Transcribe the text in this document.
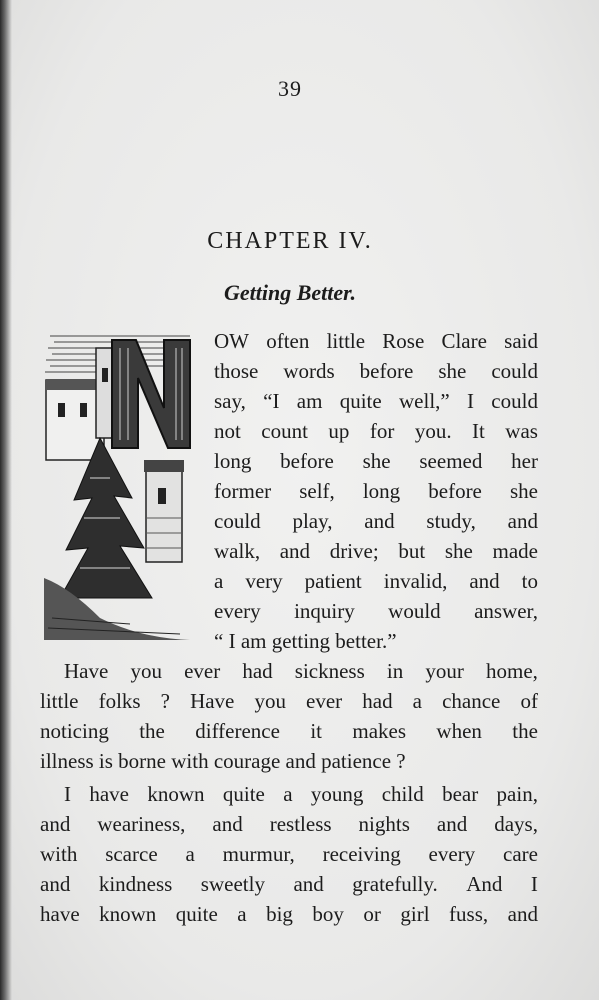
39
CHAPTER IV.
Getting Better.
OW often little Rose Clare said
those words before she could
say, “I am quite well,” I could
not count up for you. It was
long before she seemed her
former self, long before she
could play, and study, and
walk, and drive; but she made
a very patient invalid, and to
every inquiry would answer,
“ I am getting better.”
Have you ever had sickness in your home,
little folks ? Have you ever had a chance of
noticing the difference it makes when the
illness is borne with courage and patience ?
I have known quite a young child bear pain,
and weariness, and restless nights and days,
with scarce a murmur, receiving every care
and kindness sweetly and gratefully. And I
have known quite a big boy or girl fuss, and
